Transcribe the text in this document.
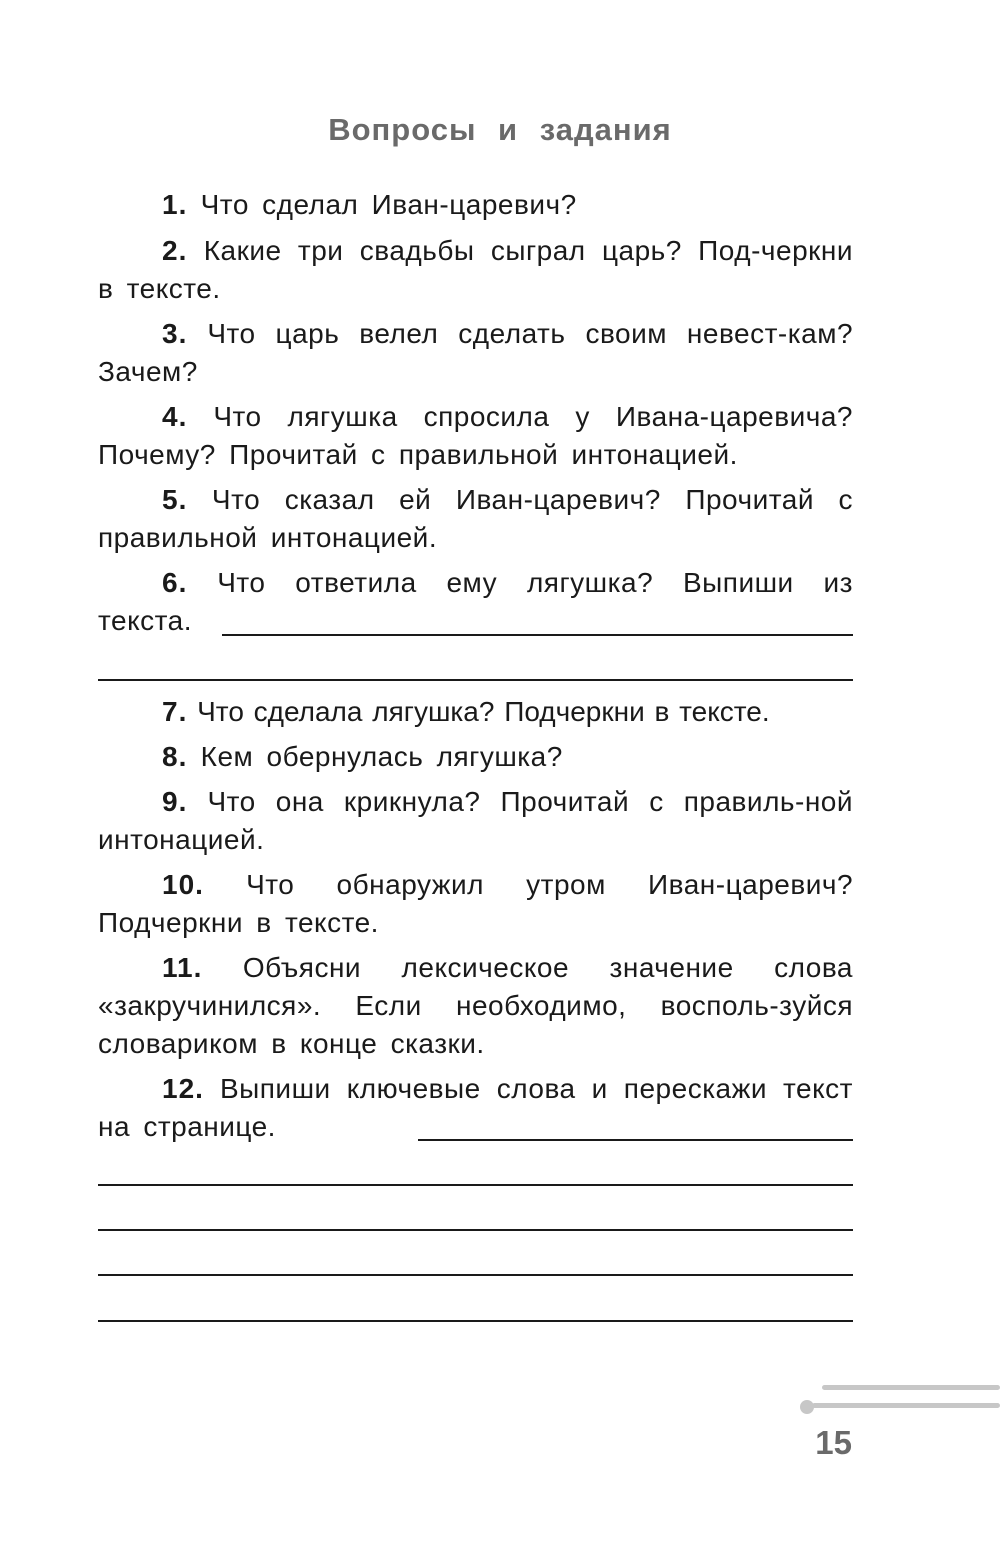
Вопросы и задания
1. Что сделал Иван-царевич?
2. Какие три свадьбы сыграл царь? Под-черкни в тексте.
3. Что царь велел сделать своим невест-кам? Зачем?
4. Что лягушка спросила у Ивана-царевича? Почему? Прочитай с правильной интонацией.
5. Что сказал ей Иван-царевич? Прочитай с правильной интонацией.
6. Что ответила ему лягушка? Выпиши из текста.
7. Что сделала лягушка? Подчеркни в тексте.
8. Кем обернулась лягушка?
9. Что она крикнула? Прочитай с правиль-ной интонацией.
10. Что обнаружил утром Иван-царевич? Подчеркни в тексте.
11. Объясни лексическое значение слова «закручинился». Если необходимо, восполь-зуйся словариком в конце сказки.
12. Выпиши ключевые слова и перескажи текст на странице.
15
